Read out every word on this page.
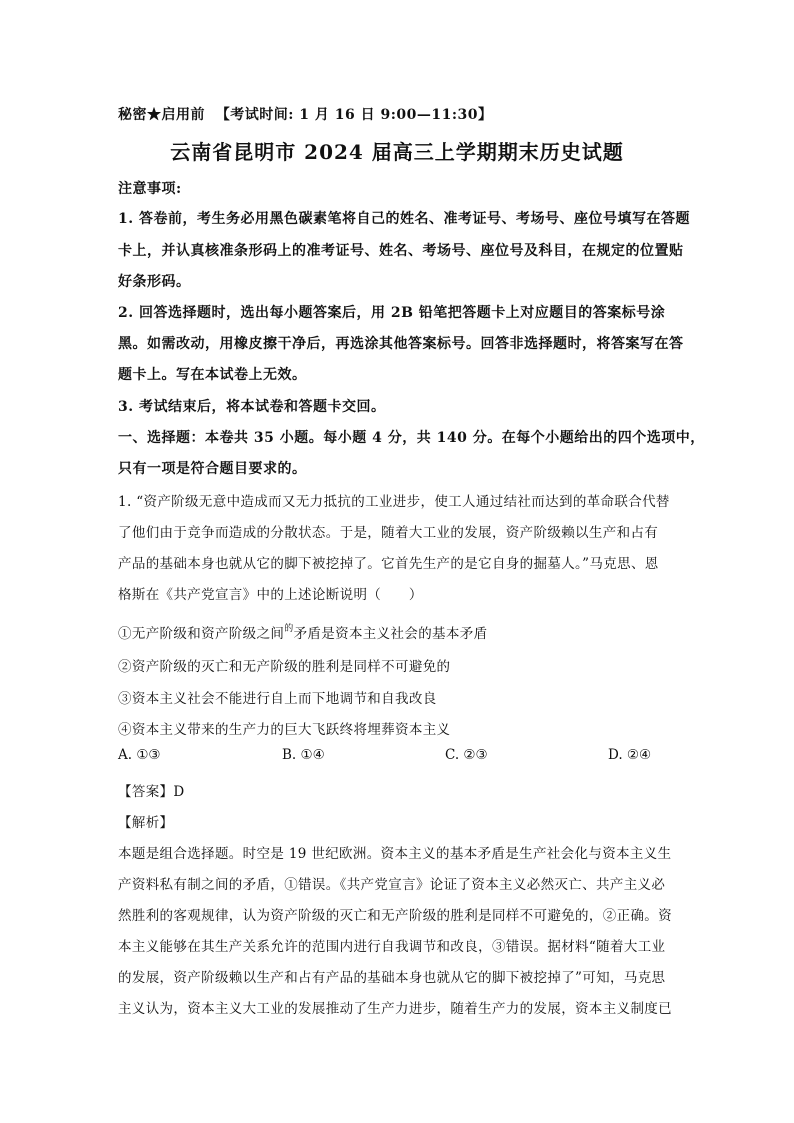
秘密★启用前 【考试时间: 1 月 16 日 9:00—11:30】
云南省昆明市 2024 届高三上学期期末历史试题
注意事项:
1. 答卷前，考生务必用黑色碳素笔将自己的姓名、准考证号、考场号、座位号填写在答题
卡上，并认真核准条形码上的准考证号、姓名、考场号、座位号及科目，在规定的位置贴
好条形码。
2. 回答选择题时，选出每小题答案后，用 2B 铅笔把答题卡上对应题目的答案标号涂
黑。如需改动，用橡皮擦干净后，再选涂其他答案标号。回答非选择题时，将答案写在答
题卡上。写在本试卷上无效。
3. 考试结束后，将本试卷和答题卡交回。
一、选择题：本卷共 35 小题。每小题 4 分，共 140 分。在每个小题给出的四个选项中，
只有一项是符合题目要求的。
1. “资产阶级无意中造成而又无力抵抗的工业进步，使工人通过结社而达到的革命联合代替
了他们由于竞争而造成的分散状态。于是，随着大工业的发展，资产阶级赖以生产和占有
产品的基础本身也就从它的脚下被挖掉了。它首先生产的是它自身的掘墓人。”马克思、恩
格斯在《共产党宣言》中的上述论断说明（　　）
①无产阶级和资产阶级之间$^的$矛盾是资本主义社会的基本矛盾
②资产阶级的灭亡和无产阶级的胜利是同样不可避免的
③资本主义社会不能进行自上而下地调节和自我改良
④资本主义带来的生产力的巨大飞跃终将埋葬资本主义
A. ①③	B. ①④	C. ②③	D. ②④
【答案】D
【解析】
本题是组合选择题。时空是 19 世纪欧洲。资本主义的基本矛盾是生产社会化与资本主义生
产资料私有制之间的矛盾，①错误。《共产党宣言》论证了资本主义必然灭亡、共产主义必
然胜利的客观规律，认为资产阶级的灭亡和无产阶级的胜利是同样不可避免的，②正确。资
本主义能够在其生产关系允许的范围内进行自我调节和改良，③错误。据材料“随着大工业
的发展，资产阶级赖以生产和占有产品的基础本身也就从它的脚下被挖掉了”可知，马克思
主义认为，资本主义大工业的发展推动了生产力进步，随着生产力的发展，资本主义制度已
